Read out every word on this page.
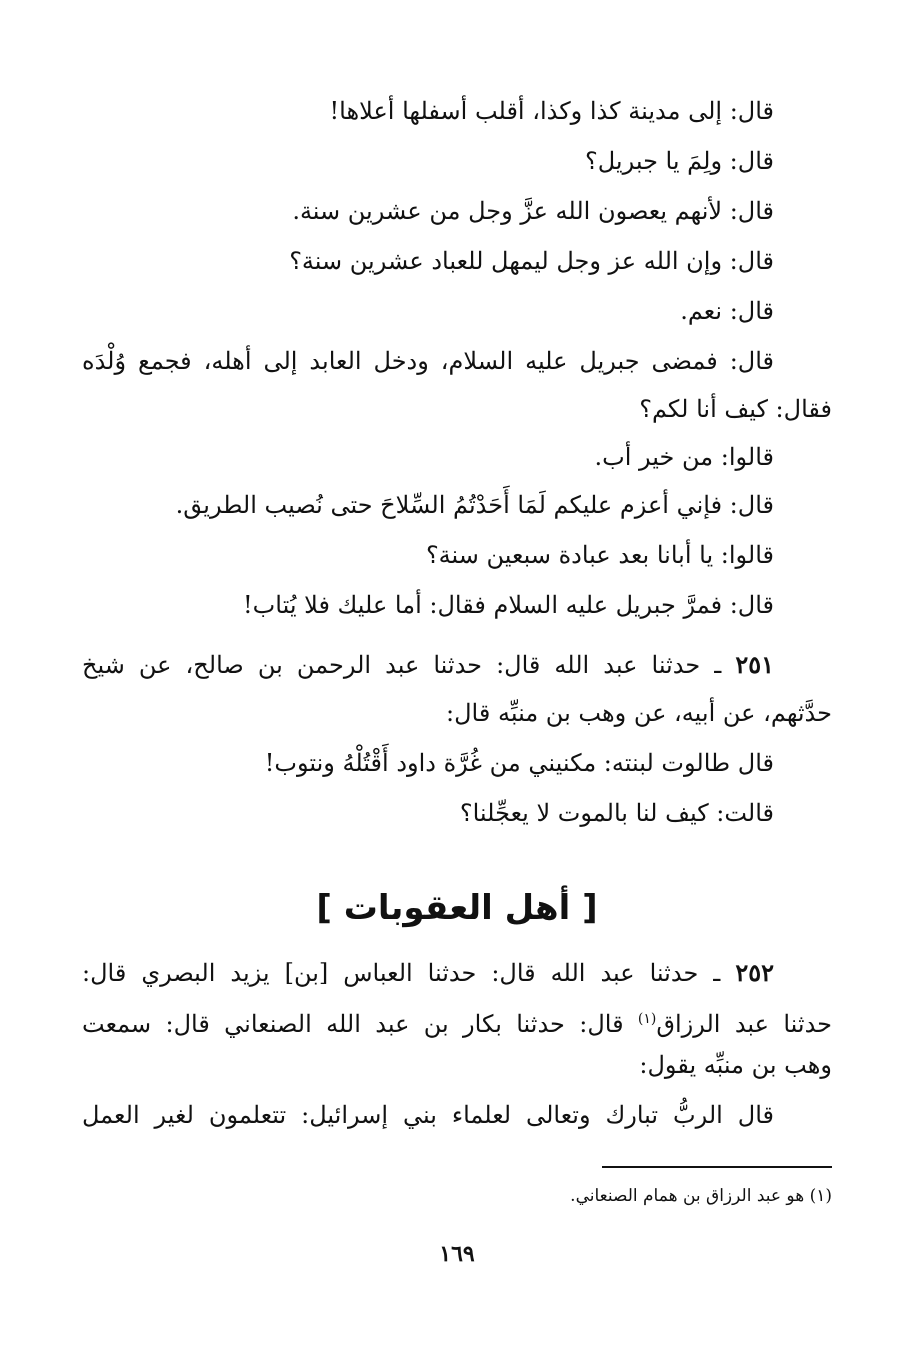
قال: إلى مدينة كذا وكذا، أقلب أسفلها أعلاها!
قال: ولِمَ يا جبريل؟
قال: لأنهم يعصون الله عزَّ وجل من عشرين سنة.
قال: وإن الله عز وجل ليمهل للعباد عشرين سنة؟
قال: نعم.
قال: فمضى جبريل عليه السلام، ودخل العابد إلى أهله، فجمع وُلْدَه
فقال: كيف أنا لكم؟
قالوا: من خير أب.
قال: فإني أعزم عليكم لَمَا أَحَدْتُمُ السِّلاحَ حتى نُصيب الطريق.
قالوا: يا أبانا بعد عبادة سبعين سنة؟
قال: فمرَّ جبريل عليه السلام فقال: أما عليك فلا يُتاب!
٢٥١ ـ حدثنا عبد الله قال: حدثنا عبد الرحمن بن صالح، عن شيخ
حدَّثهم، عن أبيه، عن وهب بن منبِّه قال:
قال طالوت لبنته: مكنيني من غُرَّة داود أَقْتُلْهُ ونتوب!
قالت: كيف لنا بالموت لا يعجِّلنا؟
[ أهل العقوبات ]
٢٥٢ ـ حدثنا عبد الله قال: حدثنا العباس [بن] يزيد البصري قال:
حدثنا عبد الرزاق$^{(١)}$ قال: حدثنا بكار بن عبد الله الصنعاني قال: سمعت
وهب بن منبِّه يقول:
قال الربُّ تبارك وتعالى لعلماء بني إسرائيل: تتعلمون لغير العمل
(١) هو عبد الرزاق بن همام الصنعاني.
١٦٩
